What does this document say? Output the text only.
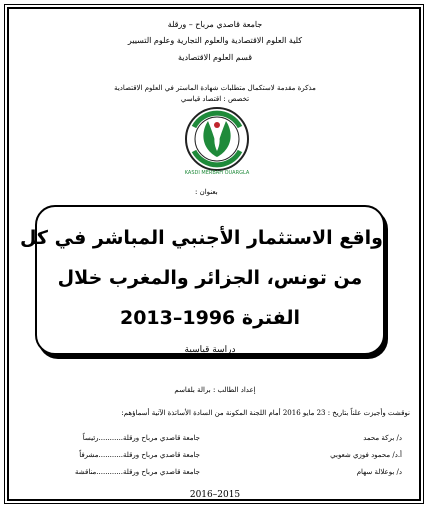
جامعة قاصدي مرباح – ورقلة
كلية العلوم الاقتصادية والعلوم التجارية وعلوم التسيير
قسم العلوم الاقتصادية
مذكرة مقدمة لاستكمال متطلبات شهادة الماستر في العلوم الاقتصادية
تخصص : اقتصاد قياسي
KASDI MERBAH OUARGLA
بعنوان :
واقع الاستثمار الأجنبي المباشر في كل
من تونس، الجزائر والمغرب خلال
الفترة 1996–2013
دراسة قياسية
إعداد الطالب : برالة بلقاسم
نوقشت وأجيزت علناً بتاريخ : 23 مايو 2016 أمام اللجنة المكونة من السادة الأساتذة الآتية أسماؤهم:
د/ بركة محمد
جامعة قاصدي مرباح ورقلة...........رئيساً
أ.د/ محمود فوزي شعوبي
جامعة قاصدي مرباح ورقلة...........مشرفاً
د/ بوعلالة سهام
جامعة قاصدي مرباح ورقلة............مناقشة
2016–2015
